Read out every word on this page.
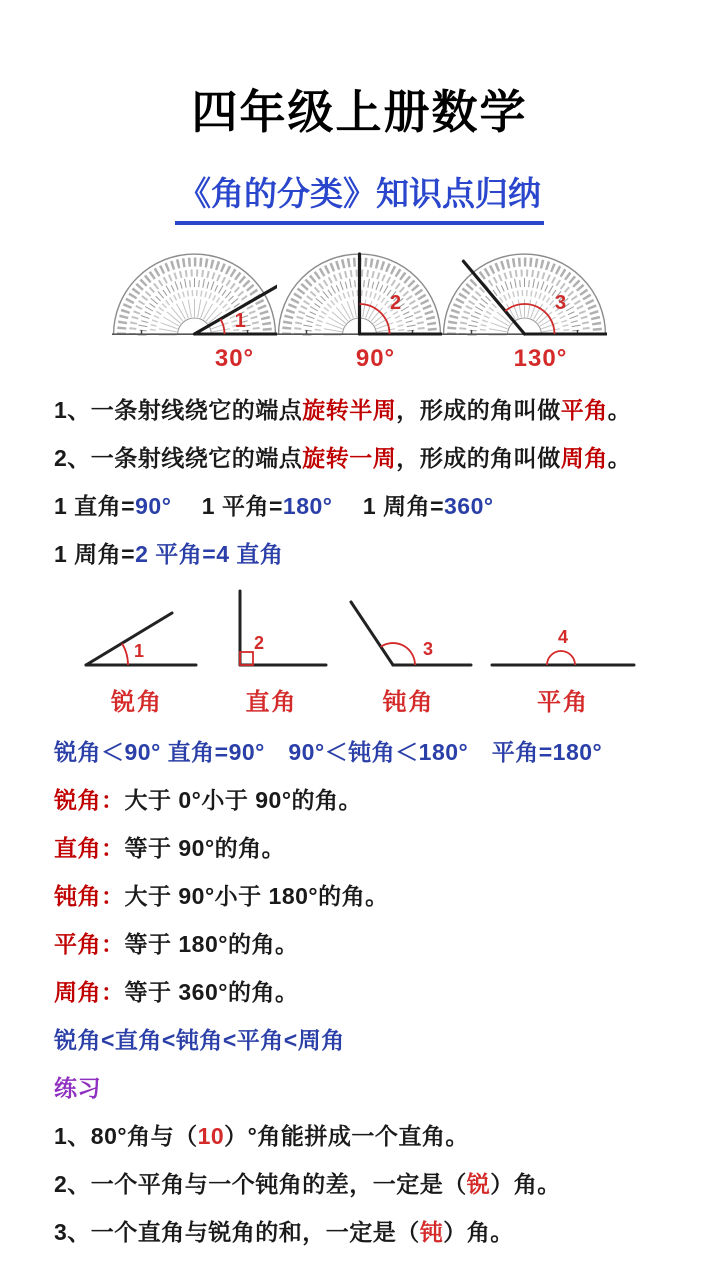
四年级上册数学
《角的分类》知识点归纳
1
2	3
30°	90°	130°

1、一条射线绕它的端点旋转半周，形成的角叫做平角。

2、一条射线绕它的端点旋转一周，形成的角叫做周角。

1 直角=90°　 1 平角=180°　 1 周角=360°

1 周角=2 平角=4 直角

1
锐角
2
直角
3
钝角
4
平角

锐角＜90° 直角=90°　90°＜钝角＜180°　平角=180°

锐角：大于 0°小于 90°的角。

直角：等于 90°的角。

钝角：大于 90°小于 180°的角。

平角：等于 180°的角。

周角：等于 360°的角。

锐角<直角<钝角<平角<周角

练习

1、80°角与（10）°角能拼成一个直角。

2、一个平角与一个钝角的差，一定是（锐）角。

3、一个直角与锐角的和，一定是（钝）角。
